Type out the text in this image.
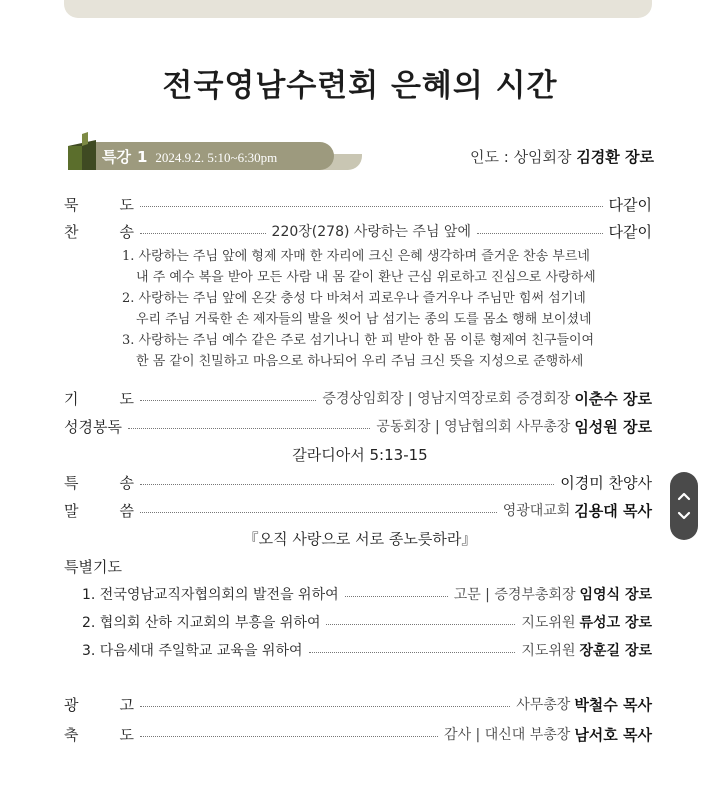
전국영남수련회 은혜의 시간
특강 1 2024.9.2. 5:10~6:30pm	인도 : 상임회장 김경환 장로
묵	도	다같이
찬	송	220장(278) 사랑하는 주님 앞에	다같이
1. 사랑하는 주님 앞에 형제 자매 한 자리에 크신 은혜 생각하며 즐거운 찬송 부르네
내 주 예수 복을 받아 모든 사람 내 몸 같이 환난 근심 위로하고 진심으로 사랑하세
2. 사랑하는 주님 앞에 온갖 충성 다 바쳐서 괴로우나 즐거우나 주님만 힘써 섬기네
우리 주님 거룩한 손 제자들의 발을 씻어 남 섬기는 종의 도를 몸소 행해 보이셨네
3. 사랑하는 주님 예수 같은 주로 섬기나니 한 피 받아 한 몸 이룬 형제여 친구들이여
한 몸 같이 친밀하고 마음으로 하나되어 우리 주님 크신 뜻을 지성으로 준행하세
기	도	증경상임회장 | 영남지역장로회 증경회장 이춘수 장로
성경봉독	공동회장 | 영남협의회 사무총장 임성원 장로
갈라디아서 5:13-15
특	송	이경미 찬양사
말	씀	영광대교회 김용대 목사
『오직 사랑으로 서로 종노릇하라』
특별기도
1. 전국영남교직자협의회의 발전을 위하여	고문 | 증경부총회장 임영식 장로
2. 협의회 산하 지교회의 부흥을 위하여	지도위원 류성고 장로
3. 다음세대 주일학교 교육을 위하여	지도위원 장훈길 장로
광	고	사무총장 박철수 목사
축	도	감사 | 대신대 부총장 남서호 목사
